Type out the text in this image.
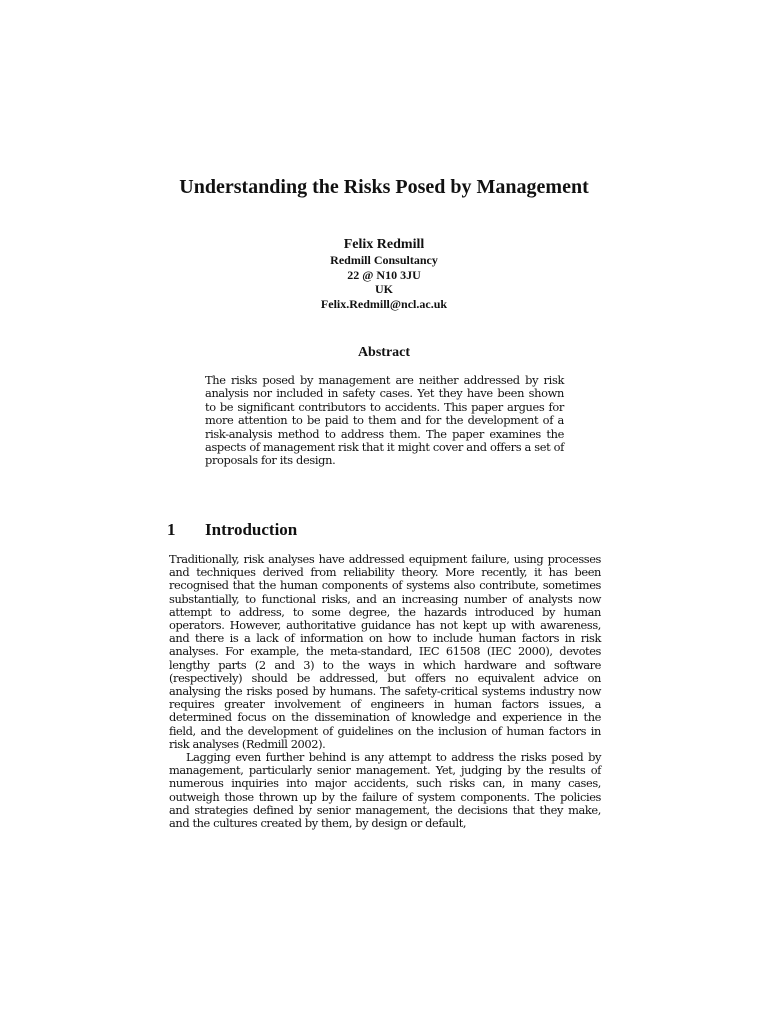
Understanding the Risks Posed by Management
Felix Redmill
Redmill Consultancy
22 @ N10 3JU
UK
Felix.Redmill@ncl.ac.uk
Abstract

The risks posed by management are neither addressed by risk analysis nor included in safety cases. Yet they have been shown to be significant contributors to accidents. This paper argues for more attention to be paid to them and for the development of a risk-analysis method to address them. The paper examines the aspects of management risk that it might cover and offers a set of proposals for its design.

1 Introduction

Traditionally, risk analyses have addressed equipment failure, using processes and techniques derived from reliability theory. More recently, it has been recognised that the human components of systems also contribute, sometimes substantially, to functional risks, and an increasing number of analysts now attempt to address, to some degree, the hazards introduced by human operators. However, authoritative guidance has not kept up with awareness, and there is a lack of information on how to include human factors in risk analyses. For example, the meta-standard, IEC 61508 (IEC 2000), devotes lengthy parts (2 and 3) to the ways in which hardware and software (respectively) should be addressed, but offers no equivalent advice on analysing the risks posed by humans. The safety-critical systems industry now requires greater involvement of engineers in human factors issues, a determined focus on the dissemination of knowledge and experience in the field, and the development of guidelines on the inclusion of human factors in risk analyses (Redmill 2002).

Lagging even further behind is any attempt to address the risks posed by management, particularly senior management. Yet, judging by the results of numerous inquiries into major accidents, such risks can, in many cases, outweigh those thrown up by the failure of system components. The policies and strategies defined by senior management, the decisions that they make, and the cultures created by them, by design or default,
